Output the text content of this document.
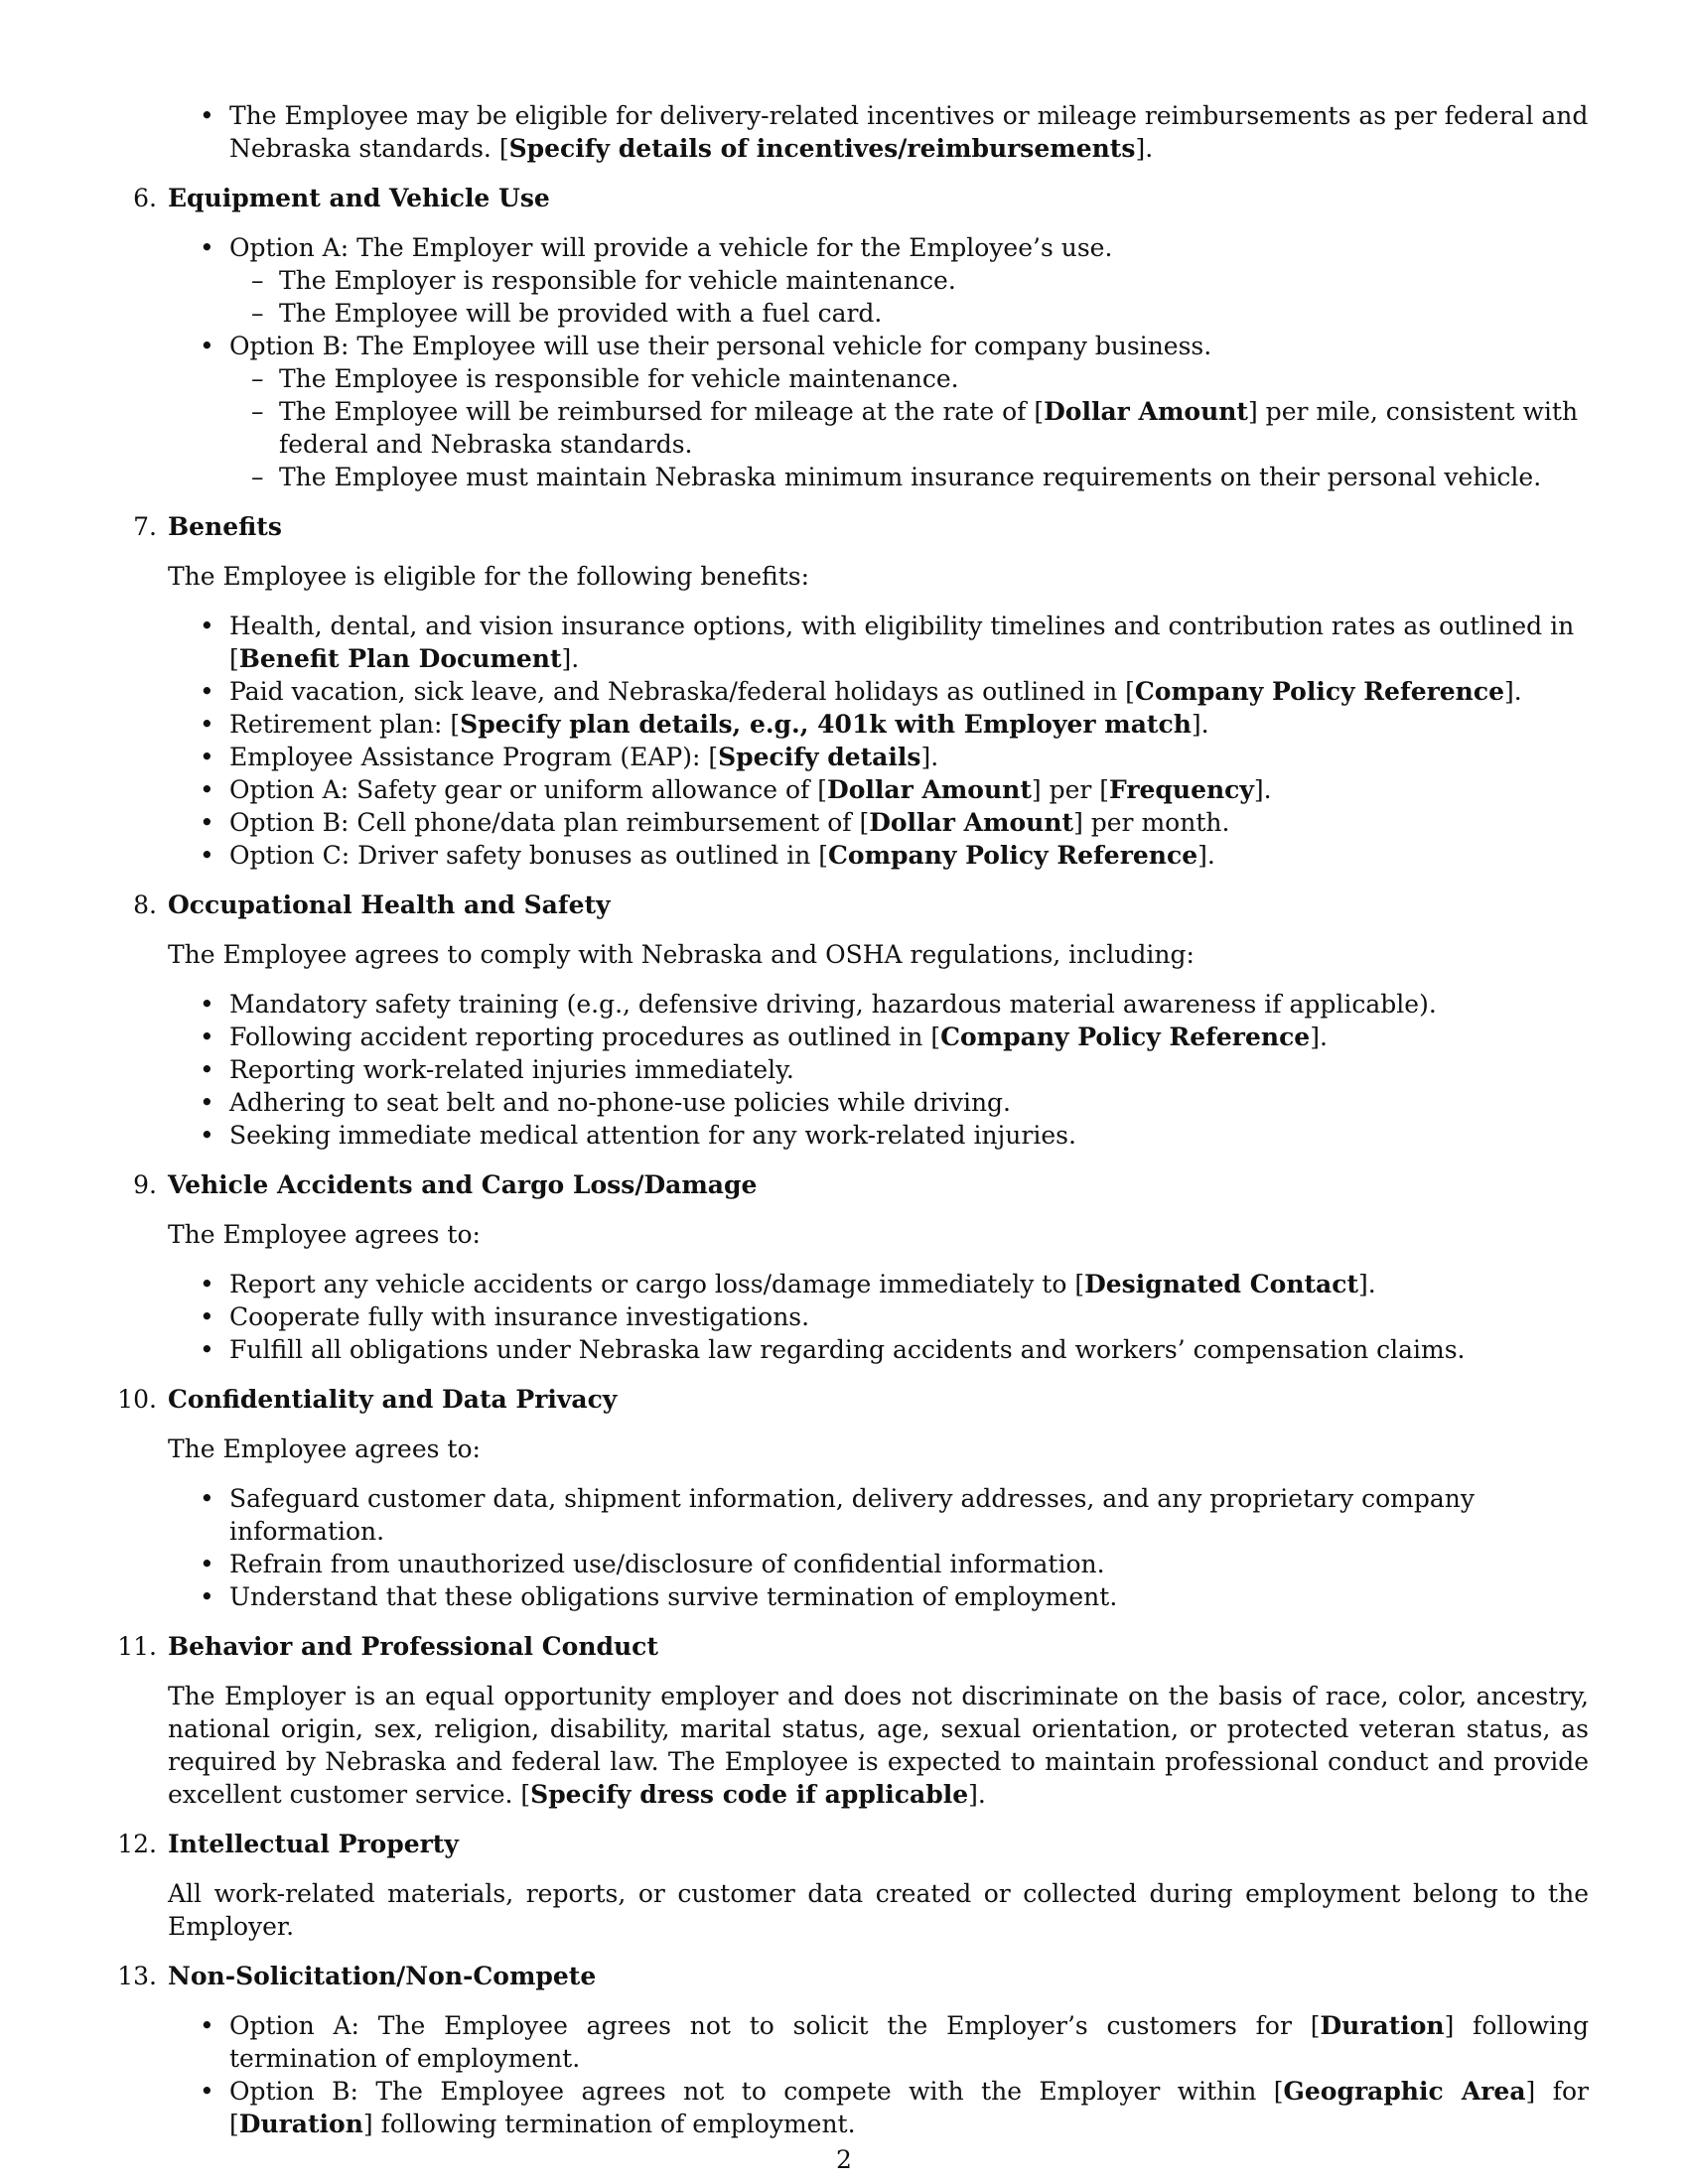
• The Employee may be eligible for delivery-related incentives or mileage reimbursements as per federal and Nebraska standards. [Specify details of incentives/reimbursements].

6. Equipment and Vehicle Use

• Option A: The Employer will provide a vehicle for the Employee’s use.

– The Employer is responsible for vehicle maintenance.

– The Employee will be provided with a fuel card.

• Option B: The Employee will use their personal vehicle for company business.

– The Employee is responsible for vehicle maintenance.

– The Employee will be reimbursed for mileage at the rate of [Dollar Amount] per mile, consistent with federal and Nebraska standards.

– The Employee must maintain Nebraska minimum insurance requirements on their personal vehicle.

7. Benefits

The Employee is eligible for the following benefits:

• Health, dental, and vision insurance options, with eligibility timelines and contribution rates as outlined in [Benefit Plan Document].

• Paid vacation, sick leave, and Nebraska/federal holidays as outlined in [Company Policy Reference].

• Retirement plan: [Specify plan details, e.g., 401k with Employer match].

• Employee Assistance Program (EAP): [Specify details].

• Option A: Safety gear or uniform allowance of [Dollar Amount] per [Frequency].

• Option B: Cell phone/data plan reimbursement of [Dollar Amount] per month.

• Option C: Driver safety bonuses as outlined in [Company Policy Reference].

8. Occupational Health and Safety

The Employee agrees to comply with Nebraska and OSHA regulations, including:

• Mandatory safety training (e.g., defensive driving, hazardous material awareness if applicable).

• Following accident reporting procedures as outlined in [Company Policy Reference].

• Reporting work-related injuries immediately.

• Adhering to seat belt and no-phone-use policies while driving.

• Seeking immediate medical attention for any work-related injuries.

9. Vehicle Accidents and Cargo Loss/Damage

The Employee agrees to:

• Report any vehicle accidents or cargo loss/damage immediately to [Designated Contact].

• Cooperate fully with insurance investigations.

• Fulfill all obligations under Nebraska law regarding accidents and workers’ compensation claims.

10. Confidentiality and Data Privacy

The Employee agrees to:

• Safeguard customer data, shipment information, delivery addresses, and any proprietary company information.

• Refrain from unauthorized use/disclosure of confidential information.

• Understand that these obligations survive termination of employment.

11. Behavior and Professional Conduct

The Employer is an equal opportunity employer and does not discriminate on the basis of race, color, ancestry, national origin, sex, religion, disability, marital status, age, sexual orientation, or protected veteran status, as required by Nebraska and federal law. The Employee is expected to maintain professional conduct and provide excellent customer service. [Specify dress code if applicable].

12. Intellectual Property

All work-related materials, reports, or customer data created or collected during employment belong to the Employer.

13. Non-Solicitation/Non-Compete

• Option A: The Employee agrees not to solicit the Employer’s customers for [Duration] following termination of employment.

• Option B: The Employee agrees not to compete with the Employer within [Geographic Area] for [Duration] following termination of employment.

2
